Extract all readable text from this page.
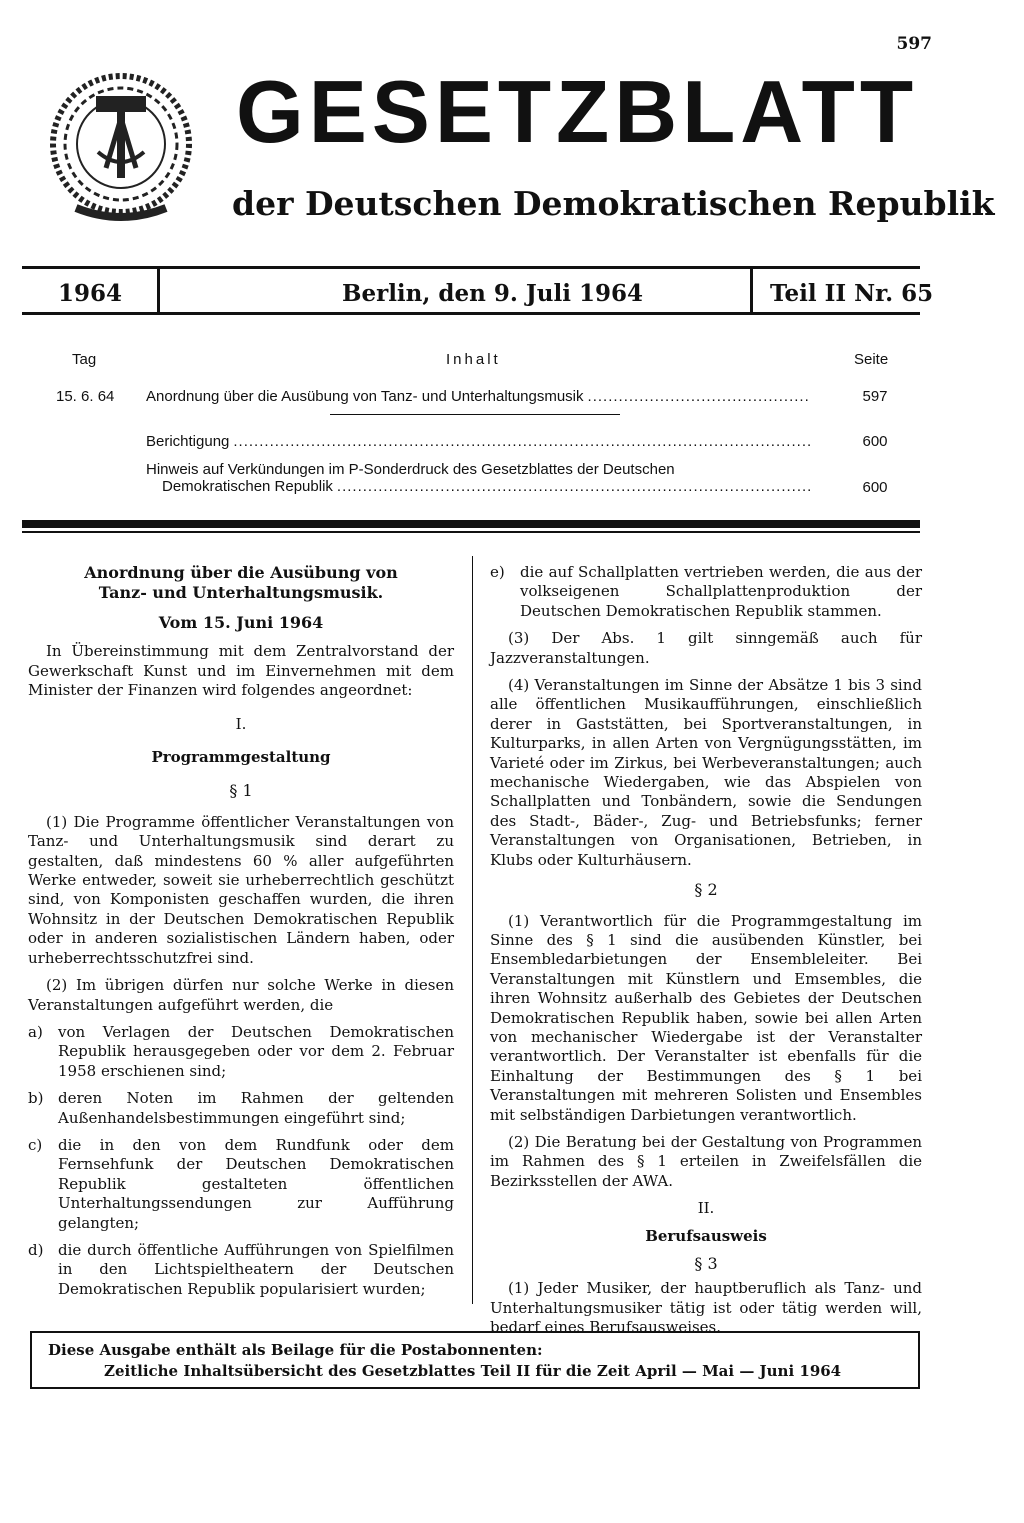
597
GESETZBLATT
der Deutschen Demokratischen Republik
1964	Berlin, den 9. Juli 1964	Teil II Nr. 65
Tag	Inhalt	Seite
15. 6. 64 Anordnung über die Ausübung von Tanz- und Unterhaltungsmusik .....	597
Berichtigung .....	600
Hinweis auf Verkündungen im P-Sonderdruck des Gesetzblattes der Deutschen
Demokratischen Republik .....	600
Anordnung über die Ausübung von Tanz- und Unterhaltungsmusik.
Vom 15. Juni 1964

In Übereinstimmung mit dem Zentralvorstand der Gewerkschaft Kunst und im Einvernehmen mit dem Minister der Finanzen wird folgendes angeordnet:

I.
Programmgestaltung
§ 1

(1) Die Programme öffentlicher Veranstaltungen von Tanz- und Unterhaltungsmusik sind derart zu gestalten, daß mindestens 60 % aller aufgeführten Werke entweder, soweit sie urheberrechtlich geschützt sind, von Komponisten geschaffen wurden, die ihren Wohnsitz in der Deutschen Demokratischen Republik oder in anderen sozialistischen Ländern haben, oder urheberrechtsschutzfrei sind.

(2) Im übrigen dürfen nur solche Werke in diesen Veranstaltungen aufgeführt werden, die

a)	von Verlagen der Deutschen Demokratischen Republik herausgegeben oder vor dem 2. Februar 1958 erschienen sind;
b) deren Noten im Rahmen der geltenden Außenhandelsbestimmungen eingeführt sind;
c)	die in den von dem Rundfunk oder dem Fernsehfunk der Deutschen Demokratischen Republik gestalteten öffentlichen Unterhaltungssendungen zur Aufführung gelangten;
d) die durch öffentliche Aufführungen von Spielfilmen in den Lichtspieltheatern der Deutschen Demokratischen Republik popularisiert wurden;
e)	die auf Schallplatten vertrieben werden, die aus der volkseigenen Schallplattenproduktion der Deutschen Demokratischen Republik stammen.

(3) Der Abs. 1 gilt sinngemäß auch für Jazzveranstaltungen.

(4) Veranstaltungen im Sinne der Absätze 1 bis 3 sind alle öffentlichen Musikaufführungen, einschließlich derer in Gaststätten, bei Sportveranstaltungen, in Kulturparks, in allen Arten von Vergnügungsstätten, im Varieté oder im Zirkus, bei Werbeveranstaltungen; auch mechanische Wiedergaben, wie das Abspielen von Schallplatten und Tonbändern, sowie die Sendungen des Stadt-, Bäder-, Zug- und Betriebsfunks; ferner Veranstaltungen von Organisationen, Betrieben, in Klubs oder Kulturhäusern.

§ 2

(1) Verantwortlich für die Programmgestaltung im Sinne des § 1 sind die ausübenden Künstler, bei Ensembledarbietungen der Ensembleleiter. Bei Veranstaltungen mit Künstlern und Emsembles, die ihren Wohnsitz außerhalb des Gebietes der Deutschen Demokratischen Republik haben, sowie bei allen Arten von mechanischer Wiedergabe ist der Veranstalter verantwortlich. Der Veranstalter ist ebenfalls für die Einhaltung der Bestimmungen des § 1 bei Veranstaltungen mit mehreren Solisten und Ensembles mit selbständigen Darbietungen verantwortlich.

(2) Die Beratung bei der Gestaltung von Programmen im Rahmen des § 1 erteilen in Zweifelsfällen die Bezirksstellen der AWA.

II.
Berufsausweis
§ 3

(1) Jeder Musiker, der hauptberuflich als Tanz- und Unterhaltungsmusiker tätig ist oder tätig werden will, bedarf eines Berufsausweises.

Diese Ausgabe enthält als Beilage für die Postabonnenten:
Zeitliche Inhaltsübersicht des Gesetzblattes Teil II für die Zeit April — Mai — Juni 1964
